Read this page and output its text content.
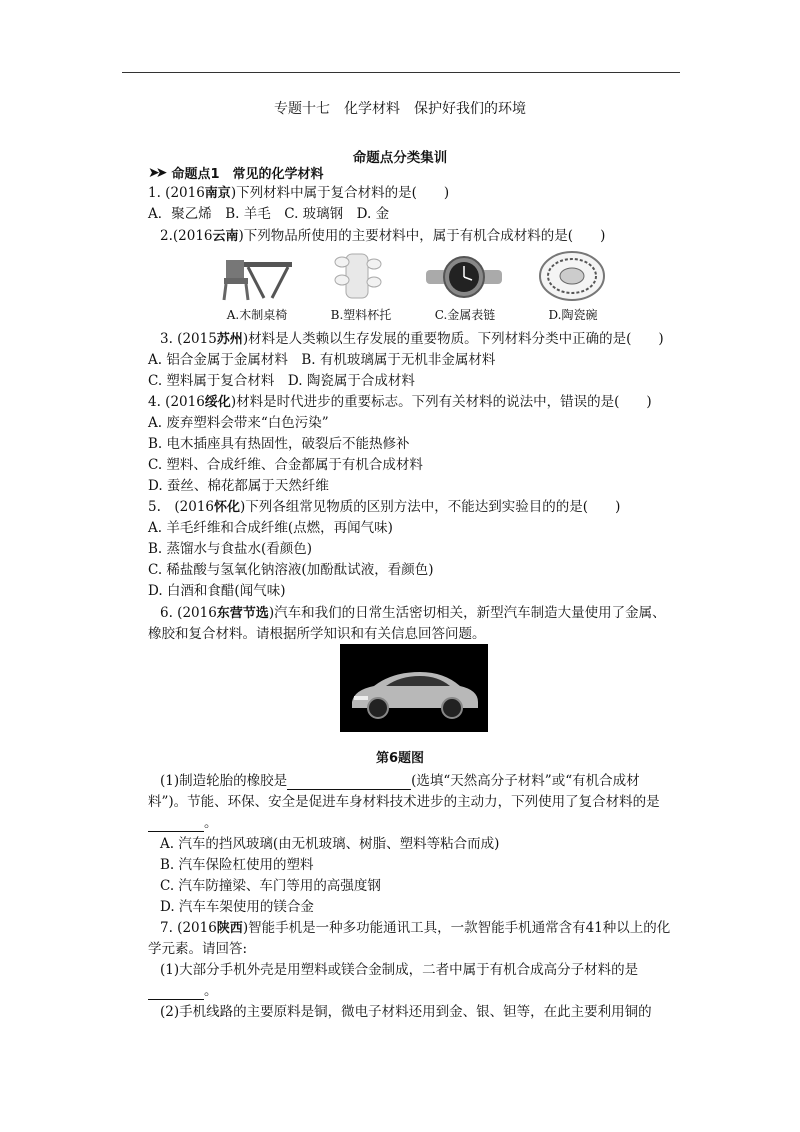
专题十七　化学材料　保护好我们的环境
命题点分类集训
➤➤ 命题点1　常见的化学材料
1. (2016南京)下列材料中属于复合材料的是(　　)
A．聚乙烯　B. 羊毛　C. 玻璃钢　D. 金
2.(2016云南)下列物品所使用的主要材料中，属于有机合成材料的是(　　)
A.木制桌椅	B.塑料杯托	C.金属表链	D.陶瓷碗
3. (2015苏州)材料是人类赖以生存发展的重要物质。下列材料分类中正确的是(　　)
A. 铝合金属于金属材料　B. 有机玻璃属于无机非金属材料
C. 塑料属于复合材料　D. 陶瓷属于合成材料
4. (2016绥化)材料是时代进步的重要标志。下列有关材料的说法中，错误的是(　　)
A. 废弃塑料会带来“白色污染”
B. 电木插座具有热固性，破裂后不能热修补
C. 塑料、合成纤维、合金都属于有机合成材料
D. 蚕丝、棉花都属于天然纤维
5.　(2016怀化)下列各组常见物质的区别方法中，不能达到实验目的的是(　　)
A. 羊毛纤维和合成纤维(点燃，再闻气味)
B. 蒸馏水与食盐水(看颜色)
C. 稀盐酸与氢氧化钠溶液(加酚酞试液，看颜色)
D. 白酒和食醋(闻气味)
6. (2016东营节选)汽车和我们的日常生活密切相关，新型汽车制造大量使用了金属、
橡胶和复合材料。请根据所学知识和有关信息回答问题。
第6题图
(1)制造轮胎的橡胶是	(选填“天然高分子材料”或“有机合成材
料”)。节能、环保、安全是促进车身材料技术进步的主动力，下列使用了复合材料的是
。
A. 汽车的挡风玻璃(由无机玻璃、树脂、塑料等粘合而成)
B. 汽车保险杠使用的塑料
C. 汽车防撞梁、车门等用的高强度钢
D. 汽车车架使用的镁合金
7. (2016陕西)智能手机是一种多功能通讯工具，一款智能手机通常含有41种以上的化
学元素。请回答:
(1)大部分手机外壳是用塑料或镁合金制成，二者中属于有机合成高分子材料的是
。
(2)手机线路的主要原料是铜，微电子材料还用到金、银、钽等，在此主要利用铜的
